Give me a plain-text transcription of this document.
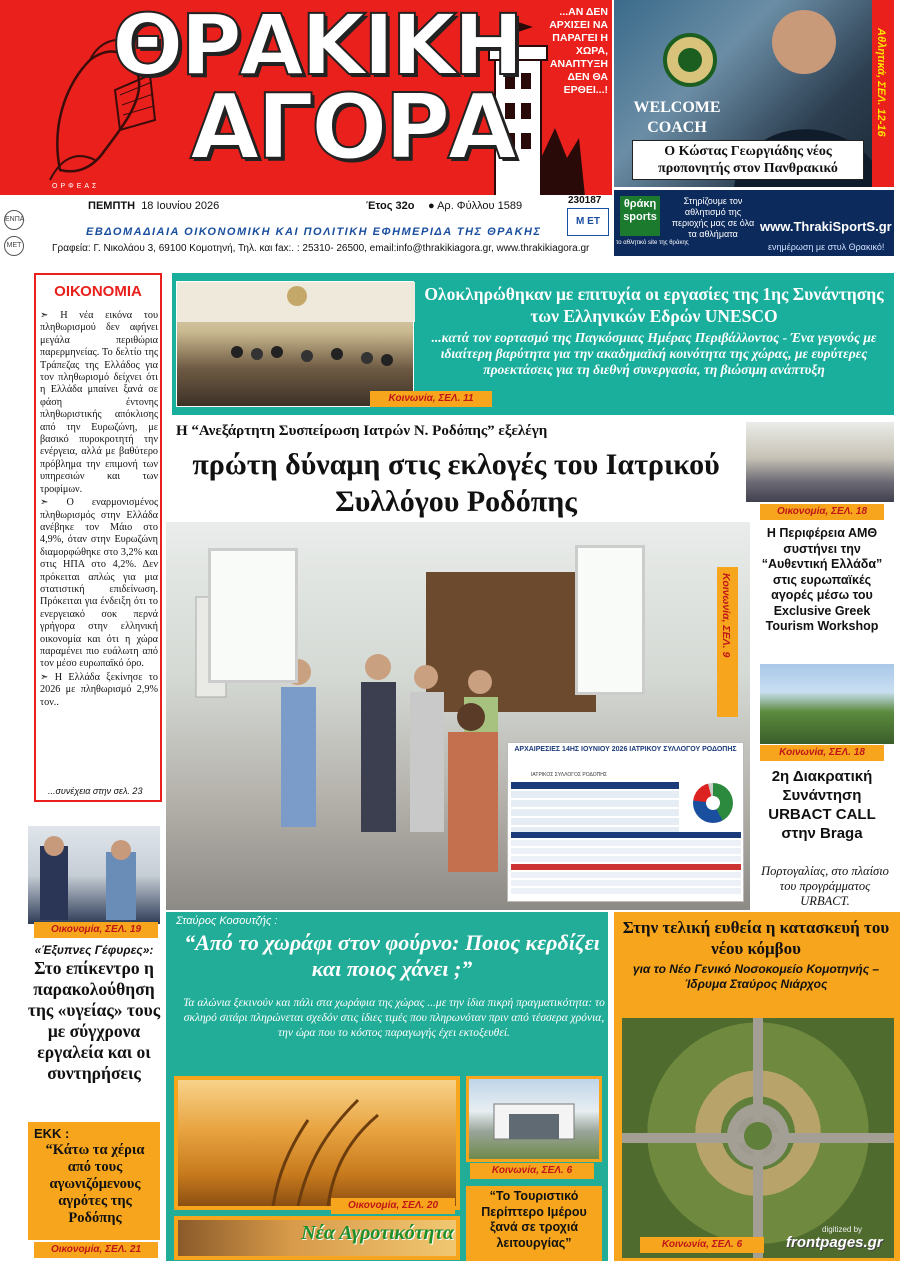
ΘΡΑΚΙΚΗ
ΑΓΟΡΑ
...ΑΝ ΔΕΝ ΑΡΧΙΣΕΙ ΝΑ ΠΑΡΑΓΕΙ Η ΧΩΡΑ, ΑΝΑΠΤΥΞΗ ΔΕΝ ΘΑ ΕΡΘΕΙ...!
ΟΡΦΕΑΣ
Αθλητικά, ΣΕΛ. 12-16
WELCOME COACH
Ο Κώστας Γεωργιάδης νέος προπονητής στον Πανθρακικό
ΠΕΜΠΤΗ 18 Ιουνίου 2026	Έτος 32ο ● Αρ. Φύλλου 1589	230187
Μ ΕΤ
ΕΒΔΟΜΑΔΙΑΙΑ ΟΙΚΟΝΟΜΙΚΗ ΚΑΙ ΠΟΛΙΤΙΚΗ ΕΦΗΜΕΡΙΔΑ ΤΗΣ ΘΡΑΚΗΣ
Γραφεία: Γ. Νικολάου 3, 69100 Κομοτηνή, Τηλ. και fax:. : 25310- 26500, email:info@thrakikiagora.gr, www.thrakikiagora.gr
θράκη sports
Στηρίζουμε τον αθλητισμό της περιοχής μας σε όλα τα αθλήματα	www.ThrakiSportS.gr
ενημέρωση με στυλ Θρακικό!
το αθλητικό site της θράκης
ΕΝΠΑ
ΜΕΤ
ΟΙΚΟΝΟΜΙΑ

➣ Η νέα εικόνα του πληθωρισμού δεν αφήνει μεγάλα περιθώρια παρερμηνείας. Το δελτίο της Τράπεζας της Ελλάδος για τον πληθωρισμό δείχνει ότι η Ελλάδα μπαίνει ξανά σε φάση έντονης πληθωριστικής απόκλισης από την Ευρωζώνη, με βασικό πυροκροτητή την ενέργεια, αλλά με βαθύτερο πρόβλημα την επιμονή των υπηρεσιών και των τροφίμων.

➣ Ο εναρμονισμένος πληθωρισμός στην Ελλάδα ανέβηκε τον Μάιο στο 4,9%, όταν στην Ευρωζώνη διαμορφώθηκε στο 3,2% και στις ΗΠΑ στο 4,2%. Δεν πρόκειται απλώς για μια στατιστική επιδείνωση. Πρόκειται για ένδειξη ότι το ενεργειακό σοκ περνά γρήγορα στην ελληνική οικονομία και ότι η χώρα παραμένει πιο ευάλωτη από τον μέσο ευρωπαϊκό όρο.

➣ Η Ελλάδα ξεκίνησε το 2026 με πληθωρισμό 2,9% τον..

...συνέχεια στην σελ. 23
Οικονομία, ΣΕΛ. 19
«Έξυπνες Γέφυρες»:
Στο επίκεντρο η παρακολούθηση της «υγείας» τους με σύγχρονα εργαλεία και οι συντηρήσεις
ΕΚΚ :
“Κάτω τα χέρια από τους αγωνιζόμενους αγρότες της Ροδόπης
Οικονομία, ΣΕΛ. 21
Κοινωνία, ΣΕΛ. 11
Ολοκληρώθηκαν με επιτυχία οι εργασίες της 1ης Συνάντησης των Ελληνικών Εδρών UNESCO
...κατά τον εορτασμό της Παγκόσμιας Ημέρας Περιβάλλοντος - Ένα γεγονός με ιδιαίτερη βαρύτητα για την ακαδημαϊκή κοινότητα της χώρας, με ευρύτερες προεκτάσεις για τη διεθνή συνεργασία, τη βιώσιμη ανάπτυξη
Η “Ανεξάρτητη Συσπείρωση Ιατρών Ν. Ροδόπης” εξελέγη
πρώτη δύναμη στις εκλογές του Ιατρικού Συλλόγου Ροδόπης
Κοινωνία, ΣΕΛ. 9
ΑΡΧΑΙΡΕΣΙΕΣ 14ΗΣ ΙΟΥΝΙΟΥ 2026 ΙΑΤΡΙΚΟΥ ΣΥΛΛΟΓΟΥ ΡΟΔΟΠΗΣ
ΙΑΤΡΙΚΟΣ ΣΥΛΛΟΓΟΣ ΡΟΔΟΠΗΣ
Οικονομία, ΣΕΛ. 18
Η Περιφέρεια ΑΜΘ συστήνει την “Αυθεντική Ελλάδα” στις ευρωπαϊκές αγορές μέσω του Exclusive Greek Tourism Workshop
Κοινωνία, ΣΕΛ. 18
2η Διακρατική Συνάντηση URBACT CALL στην Braga
Πορτογαλίας, στο πλαίσιο του προγράμματος URBACT.
Σταύρος Κοσουτζής :
“Από το χωράφι στον φούρνο: Ποιος κερδίζει και ποιος χάνει ;”
Τα αλώνια ξεκινούν και πάλι στα χωράφια της χώρας ...με την ίδια πικρή πραγματικότητα: το σκληρό σιτάρι πληρώνεται σχεδόν στις ίδιες τιμές που πληρωνόταν πριν από τέσσερα χρόνια, την ώρα που το κόστος παραγωγής έχει εκτοξευθεί.
Οικονομία, ΣΕΛ. 20
Νέα Αγροτικότητα
Κοινωνία, ΣΕΛ. 6
“Το Τουριστικό Περίπτερο Ιμέρου ξανά σε τροχιά λειτουργίας”
Στην τελική ευθεία η κατασκευή του νέου κόμβου
για το Νέο Γενικό Νοσοκομείο Κομοτηνής – Ίδρυμα Σταύρος Νιάρχος
Κοινωνία, ΣΕΛ. 6
digitized by
frontpages.gr
